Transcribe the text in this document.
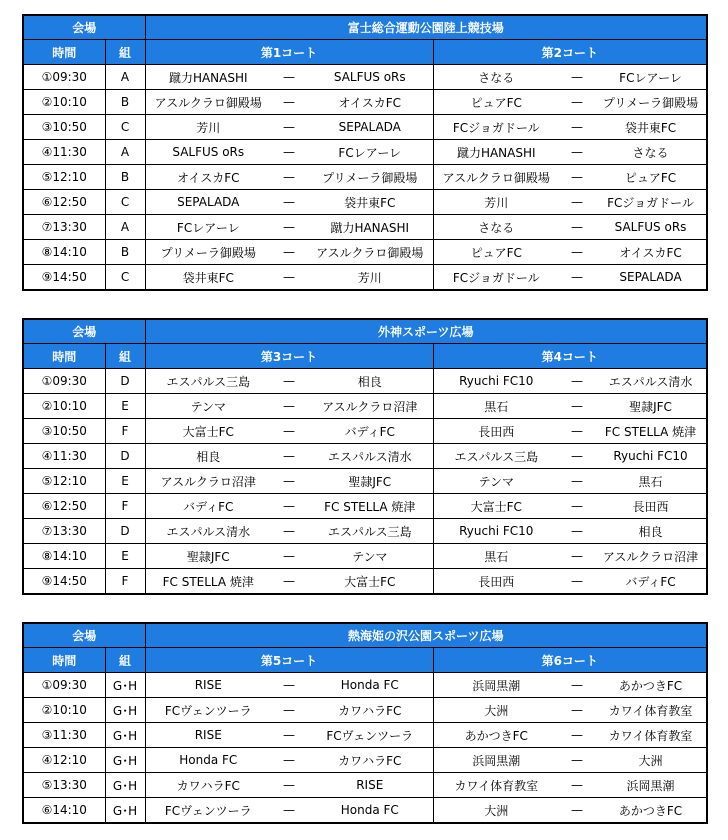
会場		富士総合運動公園陸上競技場					
時間	組	第1コート			第2コート		
①09:30	A	蹴力HANASHI	—	SALFUS oRs	さなる	—	FCレアーレ
②10:10	B	アスルクラロ御殿場	—	オイスカFC	ピュアFC	—	プリメーラ御殿場
③10:50	C	芳川	—	SEPALADA	FCジョガドール	—	袋井東FC
④11:30	A	SALFUS oRs	—	FCレアーレ	蹴力HANASHI	—	さなる
⑤12:10	B	オイスカFC	—	プリメーラ御殿場	アスルクラロ御殿場	—	ピュアFC
⑥12:50	C	SEPALADA	—	袋井東FC	芳川	—	FCジョガドール
⑦13:30	A	FCレアーレ	—	蹴力HANASHI	さなる	—	SALFUS oRs
⑧14:10	B	プリメーラ御殿場	—	アスルクラロ御殿場	ピュアFC	—	オイスカFC
⑨14:50	C	袋井東FC	—	芳川	FCジョガドール	—	SEPALADA
会場		外神スポーツ広場					
時間	組	第3コート			第4コート		
①09:30	D	エスパルス三島	—	相良	Ryuchi FC10	—	エスパルス清水
②10:10	E	テンマ	—	アスルクラロ沼津	黒石	—	聖隷JFC
③10:50	F	大富士FC	—	バディFC	長田西	—	FC STELLA 焼津
④11:30	D	相良	—	エスパルス清水	エスパルス三島	—	Ryuchi FC10
⑤12:10	E	アスルクラロ沼津	—	聖隷JFC	テンマ	—	黒石
⑥12:50	F	バディFC	—	FC STELLA 焼津	大富士FC	—	長田西
⑦13:30	D	エスパルス清水	—	エスパルス三島	Ryuchi FC10	—	相良
⑧14:10	E	聖隷JFC	—	テンマ	黒石	—	アスルクラロ沼津
⑨14:50	F	FC STELLA 焼津	—	大富士FC	長田西	—	バディFC
会場		熱海姫の沢公園スポーツ広場					
時間	組	第5コート			第6コート		
①09:30	G･H	RISE	—	Honda FC	浜岡黒潮	—	あかつきFC
②10:10	G･H	FCヴェンツーラ	—	カワハラFC	大洲	—	カワイ体育教室
③11:30	G･H	RISE	—	FCヴェンツーラ	あかつきFC	—	カワイ体育教室
④12:10	G･H	Honda FC	—	カワハラFC	浜岡黒潮	—	大洲
⑤13:30	G･H	カワハラFC	—	RISE	カワイ体育教室	—	浜岡黒潮
⑥14:10	G･H	FCヴェンツーラ	—	Honda FC	大洲	—	あかつきFC
